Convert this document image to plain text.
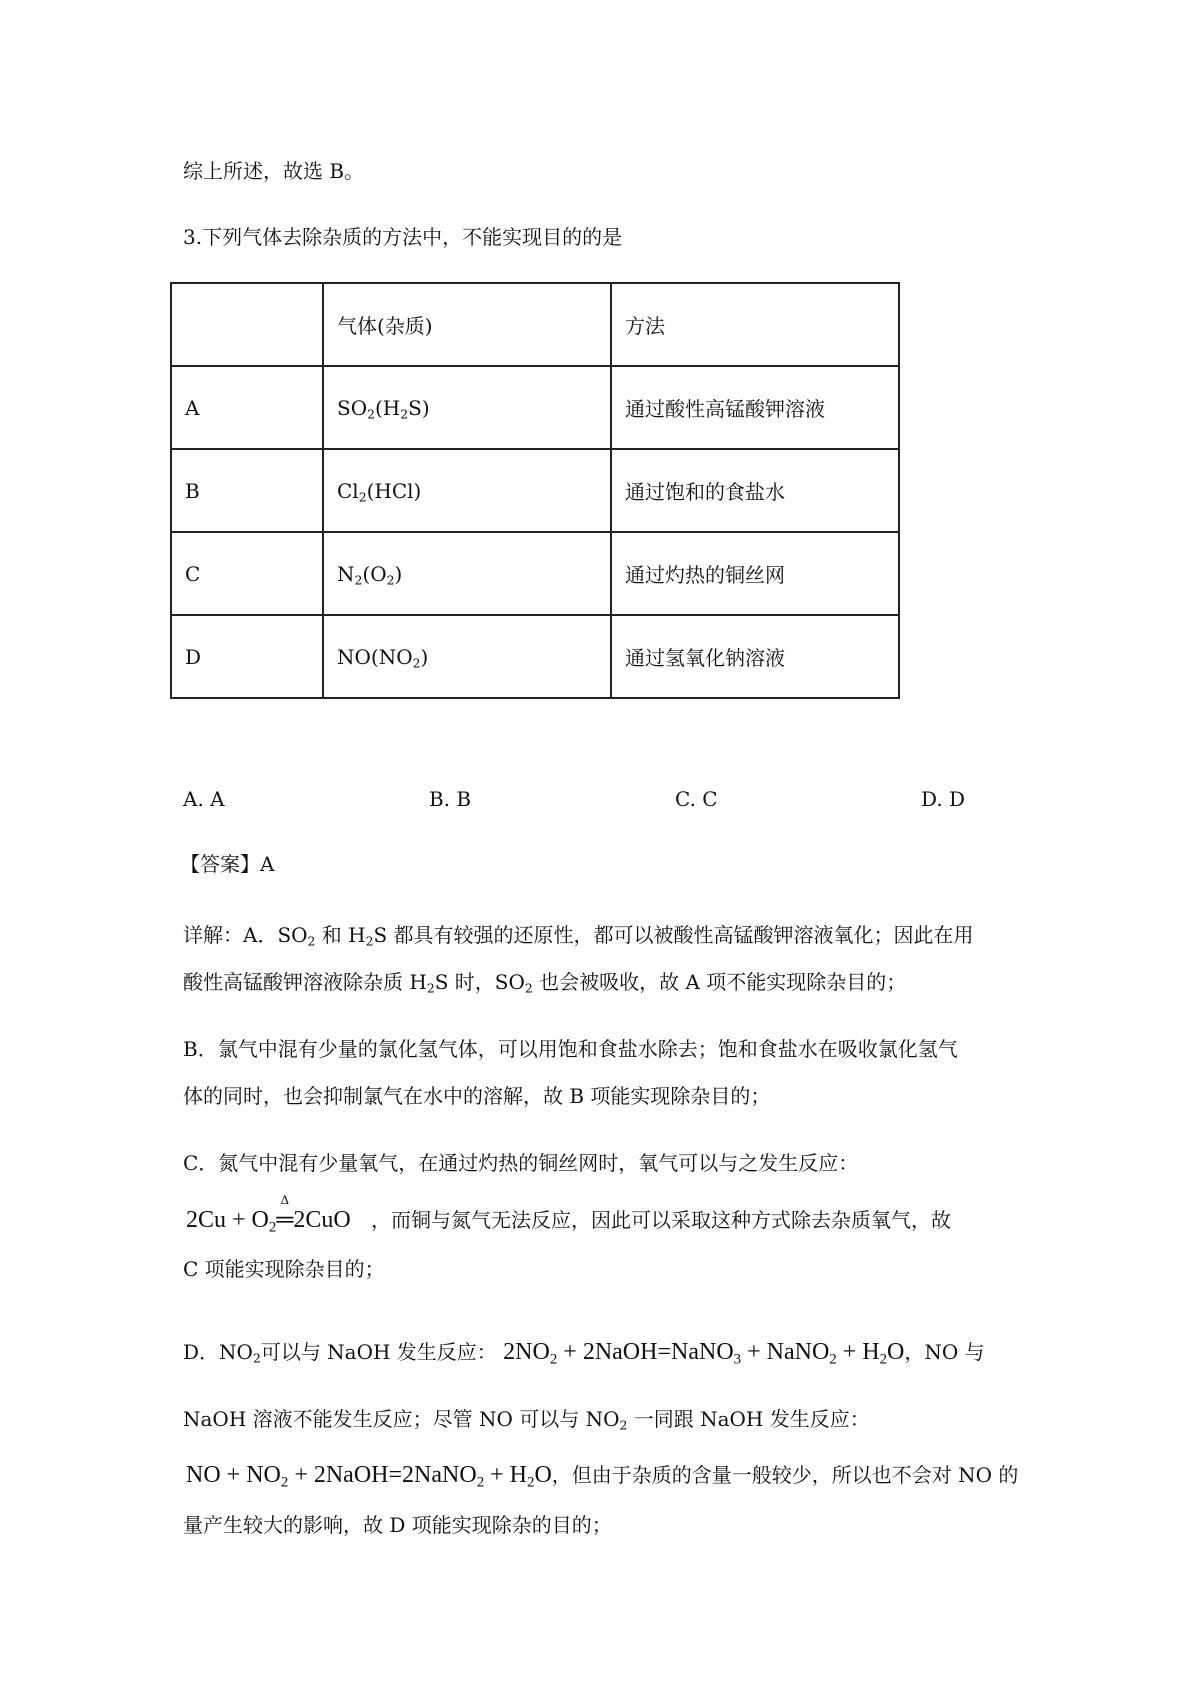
综上所述，故选 B。
3.下列气体去除杂质的方法中，不能实现目的的是
	气体(杂质)	方法
A	$SO_2(H_2S)$	通过酸性高锰酸钾溶液
B	$Cl_2(HCl)$	通过饱和的食盐水
C	$N_2(O_2)$	通过灼热的铜丝网
D	$NO(NO_2)$	通过氢氧化钠溶液
A. A	B. B	C. C	D. D
【答案】A
详解：A．$SO_2$ 和 $H_2S$ 都具有较强的还原性，都可以被酸性高锰酸钾溶液氧化；因此在用
酸性高锰酸钾溶液除杂质 $H_2S$ 时，$SO_2$ 也会被吸收，故 A 项不能实现除杂目的；
B．氯气中混有少量的氯化氢气体，可以用饱和食盐水除去；饱和食盐水在吸收氯化氢气
体的同时，也会抑制氯气在水中的溶解，故 B 项能实现除杂目的；
C．氮气中混有少量氧气，在通过灼热的铜丝网时，氧气可以与之发生反应：
$2Cu + O_2$
Δ
═2CuO ，而铜与氮气无法反应，因此可以采取这种方式除去杂质氧气，故
C 项能实现除杂目的；
D．$NO_2$可以与 NaOH 发生反应： $2NO_2$ + 2NaOH=NaNO$_3$ + NaNO$_2$ + $H_2O$，NO 与
NaOH 溶液不能发生反应；尽管 NO 可以与 $NO_2$ 一同跟 NaOH 发生反应：
NO + $NO_2$ + 2NaOH=2NaNO$_2$ + $H_2O$，但由于杂质的含量一般较少，所以也不会对 NO 的
量产生较大的影响，故 D 项能实现除杂的目的；
